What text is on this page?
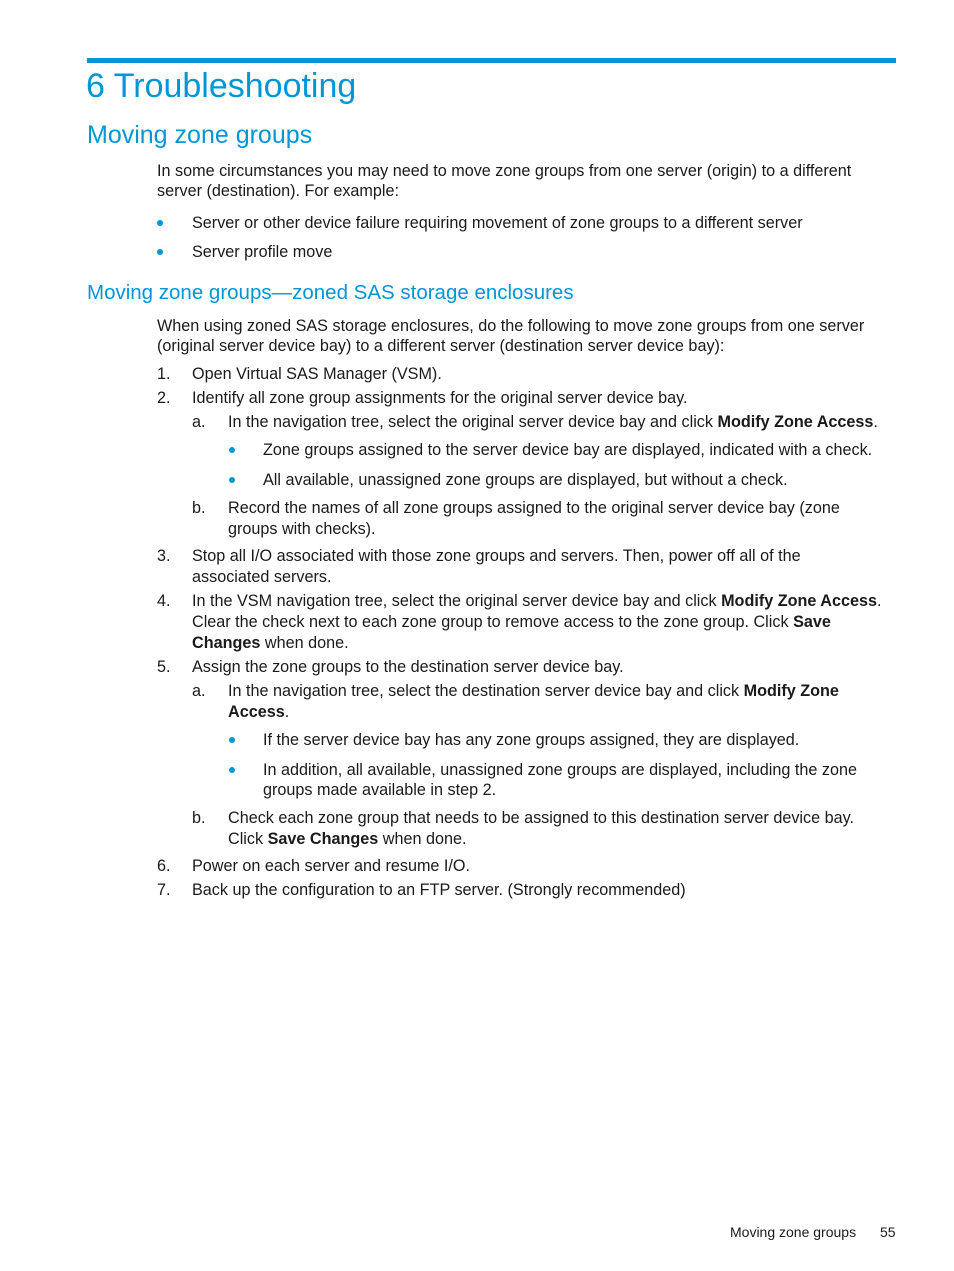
6 Troubleshooting
Moving zone groups

In some circumstances you may need to move zone groups from one server (origin) to a different

server (destination). For example:

Server or other device failure requiring movement of zone groups to a different server

Server profile move

Moving zone groups—zoned SAS storage enclosures

When using zoned SAS storage enclosures, do the following to move zone groups from one server

(original server device bay) to a different server (destination server device bay):

1. Open Virtual SAS Manager (VSM).

2. Identify all zone group assignments for the original server device bay.

a. In the navigation tree, select the original server device bay and click Modify Zone Access.

Zone groups assigned to the server device bay are displayed, indicated with a check.

All available, unassigned zone groups are displayed, but without a check.

b. Record the names of all zone groups assigned to the original server device bay (zone

groups with checks).

3. Stop all I/O associated with those zone groups and servers. Then, power off all of the

associated servers.

4. In the VSM navigation tree, select the original server device bay and click Modify Zone Access.

Clear the check next to each zone group to remove access to the zone group. Click Save

Changes when done.

5. Assign the zone groups to the destination server device bay.

a. In the navigation tree, select the destination server device bay and click Modify Zone

Access.

If the server device bay has any zone groups assigned, they are displayed.

In addition, all available, unassigned zone groups are displayed, including the zone

groups made available in step 2.

b. Check each zone group that needs to be assigned to this destination server device bay.

Click Save Changes when done.

6. Power on each server and resume I/O.

7. Back up the configuration to an FTP server. (Strongly recommended)

Moving zone groups 55
